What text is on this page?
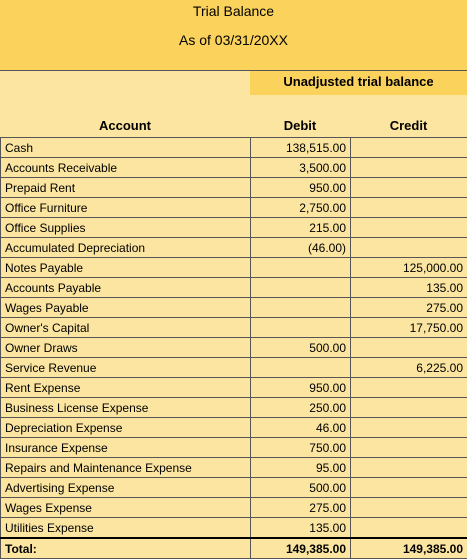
Trial Balance
As of 03/31/20XX
Unadjusted trial balance
Account	Debit	Credit
Cash	138,515.00	
Accounts Receivable	3,500.00	
Prepaid Rent	950.00	
Office Furniture	2,750.00	
Office Supplies	215.00	
Accumulated Depreciation	(46.00)	
Notes Payable		125,000.00
Accounts Payable		135.00
Wages Payable		275.00
Owner's Capital		17,750.00
Owner Draws	500.00	
Service Revenue		6,225.00
Rent Expense	950.00	
Business License Expense	250.00	
Depreciation Expense	46.00	
Insurance Expense	750.00	
Repairs and Maintenance Expense	95.00	
Advertising Expense	500.00	
Wages Expense	275.00	
Utilities Expense	135.00	
Total:	149,385.00	149,385.00
